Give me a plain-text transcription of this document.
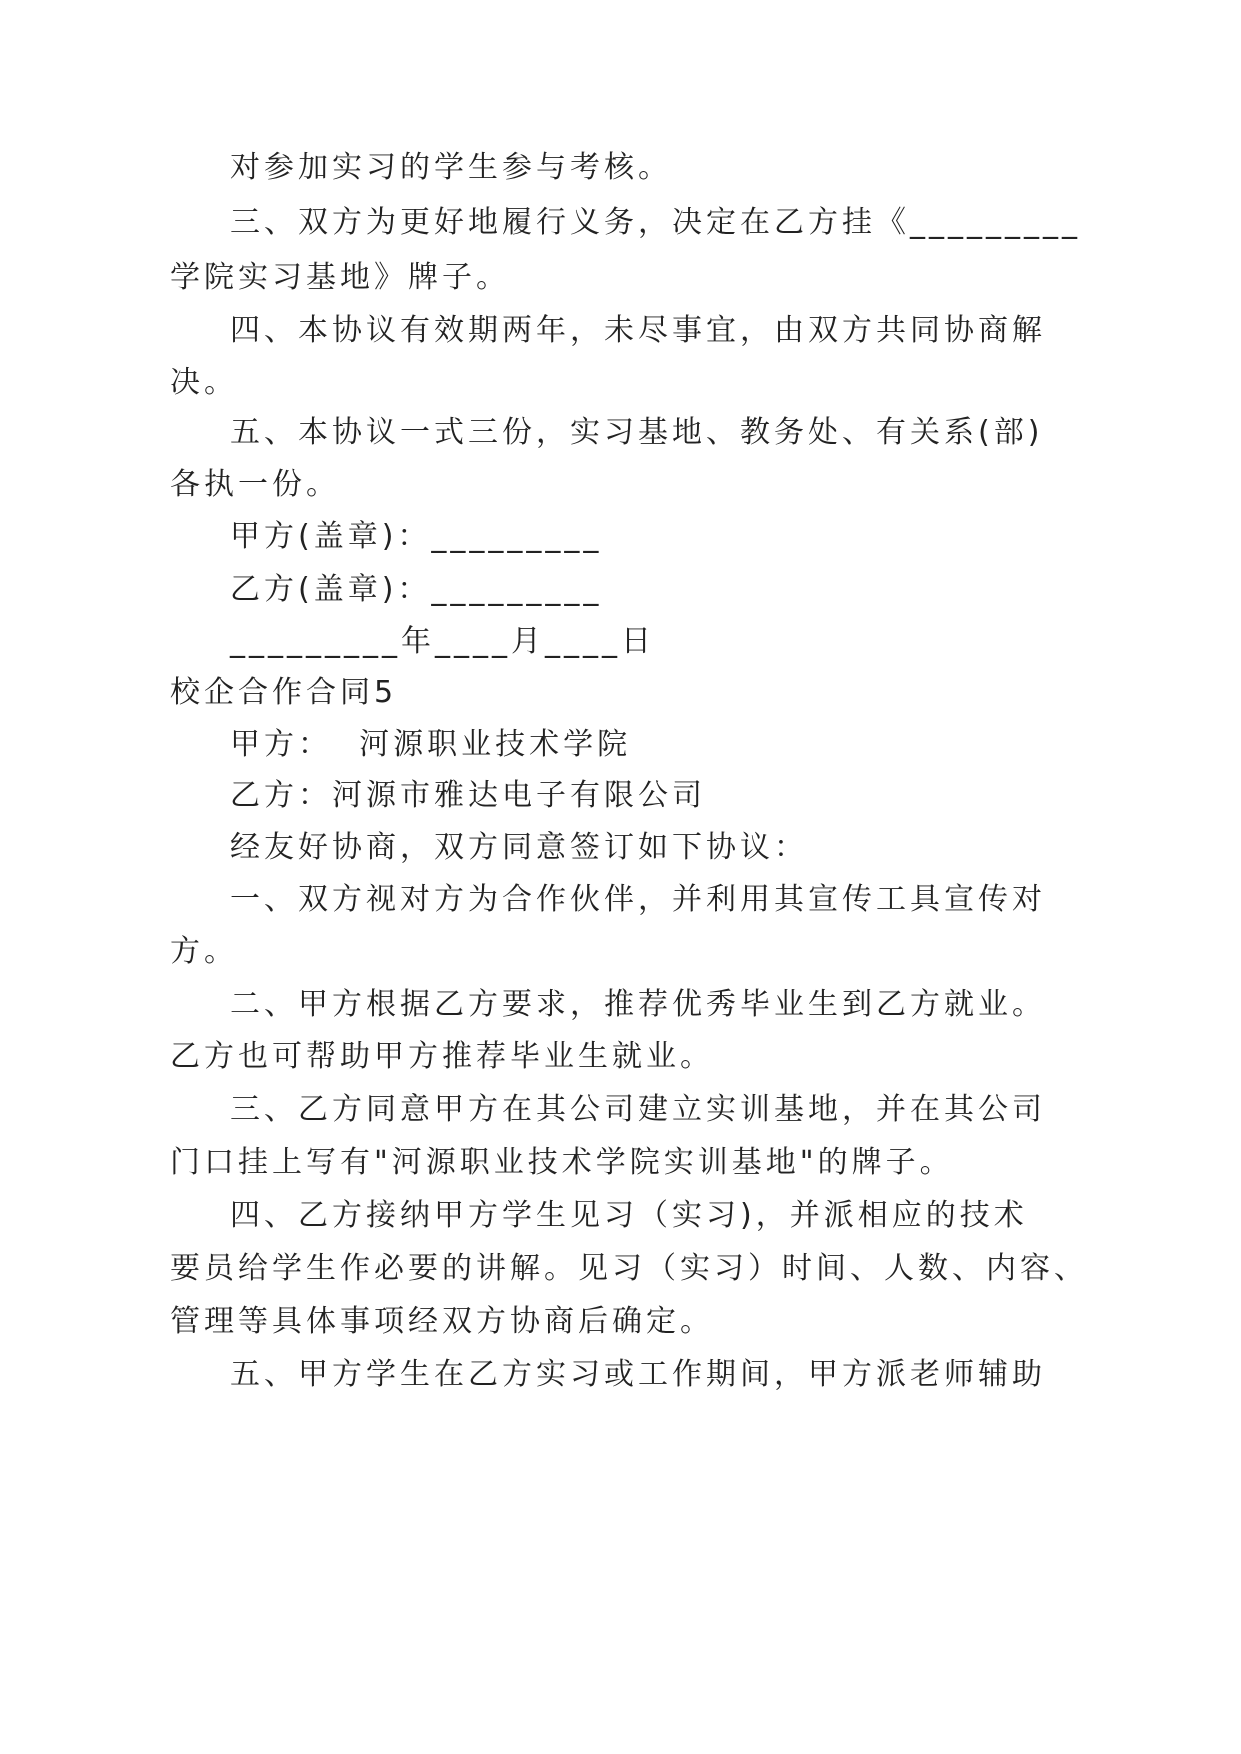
对参加实习的学生参与考核。
三、双方为更好地履行义务，决定在乙方挂《_________
学院实习基地》牌子。
四、本协议有效期两年，未尽事宜，由双方共同协商解
决。
五、本协议一式三份，实习基地、教务处、有关系(部)
各执一份。
甲方(盖章)：_________
乙方(盖章)：_________
_________年____月____日
校企合作合同5
甲方：  河源职业技术学院
乙方：河源市雅达电子有限公司
经友好协商，双方同意签订如下协议：
一、双方视对方为合作伙伴，并利用其宣传工具宣传对
方。
二、甲方根据乙方要求，推荐优秀毕业生到乙方就业。
乙方也可帮助甲方推荐毕业生就业。
三、乙方同意甲方在其公司建立实训基地，并在其公司
门口挂上写有"河源职业技术学院实训基地"的牌子。
四、乙方接纳甲方学生见习（实习)，并派相应的技术
要员给学生作必要的讲解。见习（实习）时间、人数、内容、
管理等具体事项经双方协商后确定。
五、甲方学生在乙方实习或工作期间，甲方派老师辅助
